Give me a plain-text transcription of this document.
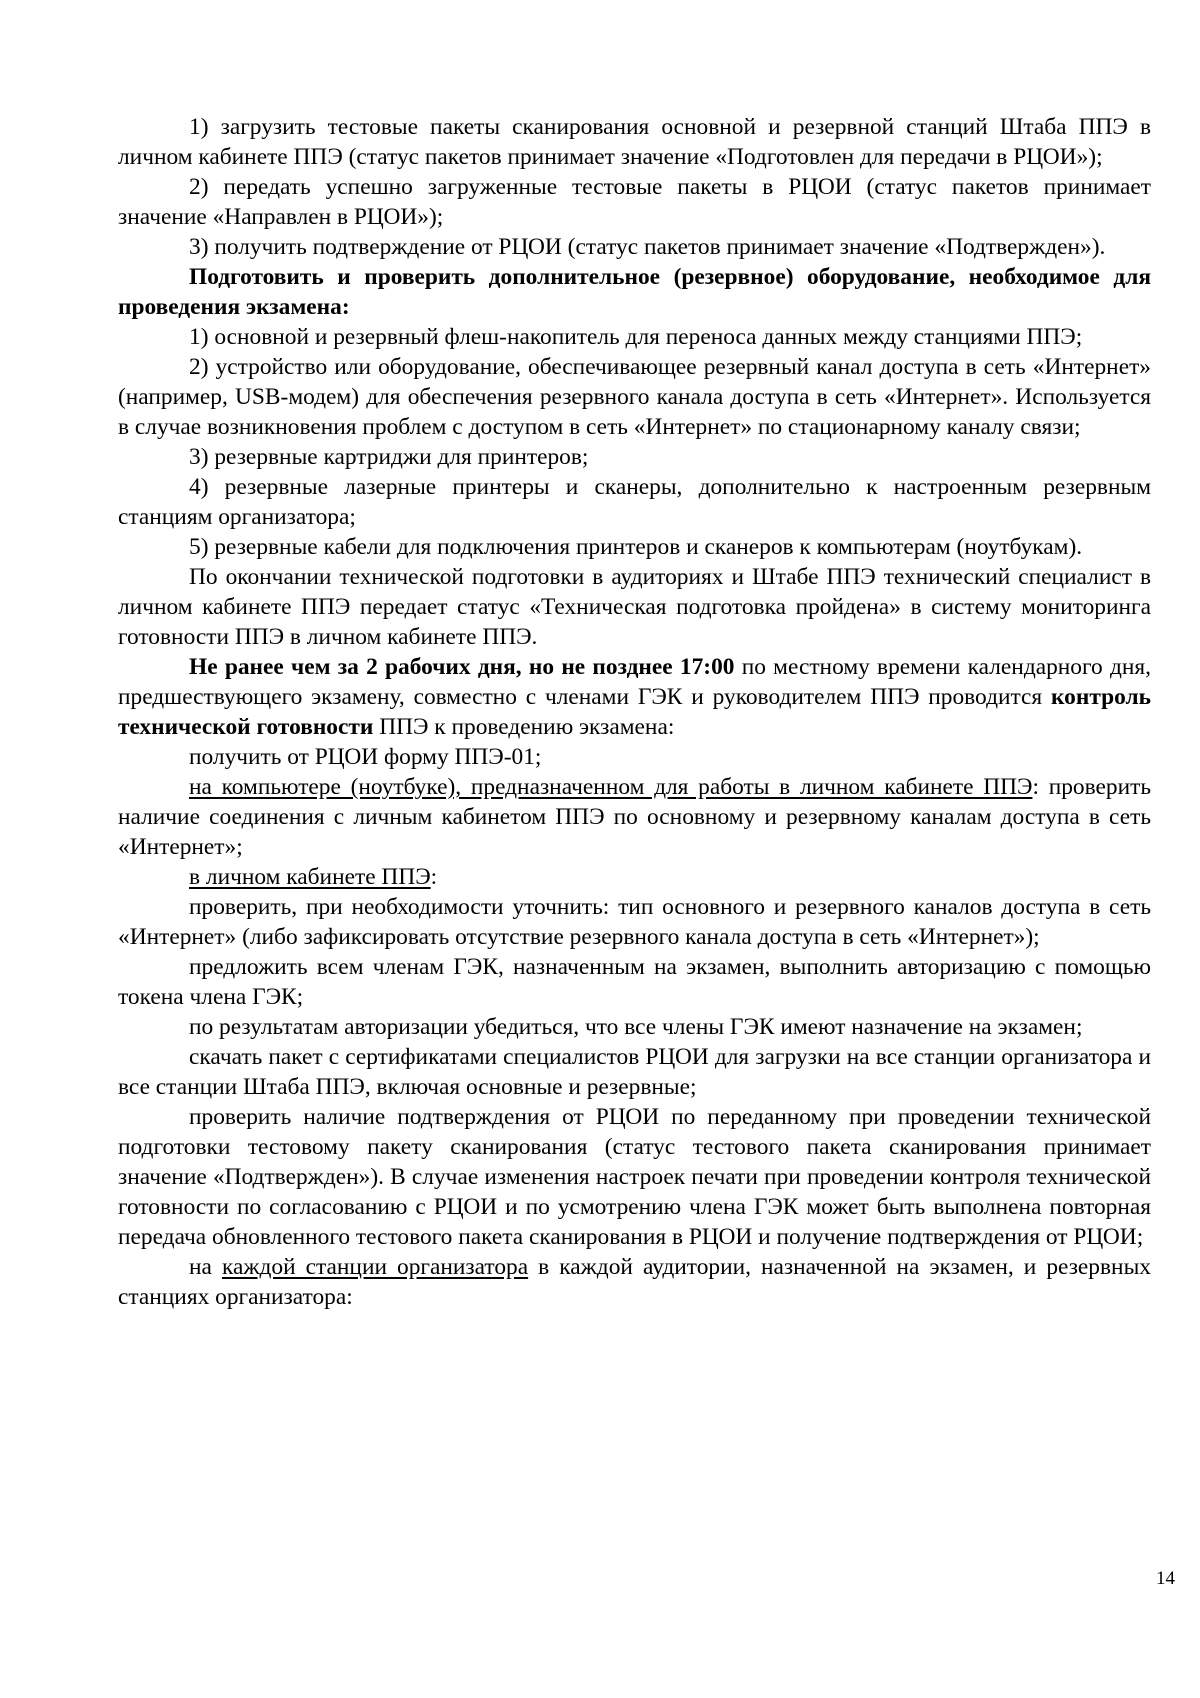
1) загрузить тестовые пакеты сканирования основной и резервной станций Штаба ППЭ в личном кабинете ППЭ (статус пакетов принимает значение «Подготовлен для передачи в РЦОИ»);

2) передать успешно загруженные тестовые пакеты в РЦОИ (статус пакетов принимает значение «Направлен в РЦОИ»);

3) получить подтверждение от РЦОИ (статус пакетов принимает значение «Подтвержден»).

Подготовить и проверить дополнительное (резервное) оборудование, необходимое для проведения экзамена:

1) основной и резервный флеш-накопитель для переноса данных между станциями ППЭ;

2) устройство или оборудование, обеспечивающее резервный канал доступа в сеть «Интернет» (например, USB-модем) для обеспечения резервного канала доступа в сеть «Интернет». Используется в случае возникновения проблем с доступом в сеть «Интернет» по стационарному каналу связи;

3) резервные картриджи для принтеров;

4) резервные лазерные принтеры и сканеры, дополнительно к настроенным резервным станциям организатора;

5) резервные кабели для подключения принтеров и сканеров к компьютерам (ноутбукам).

По окончании технической подготовки в аудиториях и Штабе ППЭ технический специалист в личном кабинете ППЭ передает статус «Техническая подготовка пройдена» в систему мониторинга готовности ППЭ в личном кабинете ППЭ.

Не ранее чем за 2 рабочих дня, но не позднее 17:00 по местному времени календарного дня, предшествующего экзамену, совместно с членами ГЭК и руководителем ППЭ проводится контроль технической готовности ППЭ к проведению экзамена:

получить от РЦОИ форму ППЭ-01;

на компьютере (ноутбуке), предназначенном для работы в личном кабинете ППЭ: проверить наличие соединения с личным кабинетом ППЭ по основному и резервному каналам доступа в сеть «Интернет»;

в личном кабинете ППЭ:

проверить, при необходимости уточнить: тип основного и резервного каналов доступа в сеть «Интернет» (либо зафиксировать отсутствие резервного канала доступа в сеть «Интернет»);

предложить всем членам ГЭК, назначенным на экзамен, выполнить авторизацию с помощью токена члена ГЭК;

по результатам авторизации убедиться, что все члены ГЭК имеют назначение на экзамен;

скачать пакет с сертификатами специалистов РЦОИ для загрузки на все станции организатора и все станции Штаба ППЭ, включая основные и резервные;

проверить наличие подтверждения от РЦОИ по переданному при проведении технической подготовки тестовому пакету сканирования (статус тестового пакета сканирования принимает значение «Подтвержден»). В случае изменения настроек печати при проведении контроля технической готовности по согласованию с РЦОИ и по усмотрению члена ГЭК может быть выполнена повторная передача обновленного тестового пакета сканирования в РЦОИ и получение подтверждения от РЦОИ;

на каждой станции организатора в каждой аудитории, назначенной на экзамен, и резервных станциях организатора:

14
